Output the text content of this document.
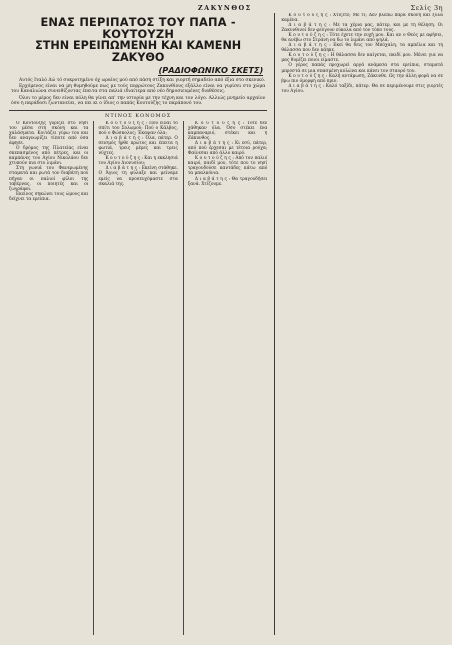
ΖΑΚΥΝΘΟΣ	Σελίς 3η
ΕΝΑΣ ΠΕΡΙΠΑΤΟΣ ΤΟΥ ΠΑΠΑ - ΚΟΥΤΟΥΖΗ
ΣΤΗΝ ΕΡΕΙΠΩΜΕΝΗ ΚΑΙ ΚΑΜΕΝΗ ΖΑΚΥΘΟ
(ΡΑΔΙΟΦΩΝΙΚΟ ΣΚΕΤΣ)

Αυτός Ιταλό Δώ τό συκροτημένο όχ ωραίος μού από πάση στίξη και γιορτή σημαδείο από έξια στο σκενικό.

Ερχόμενος είναι να μη θυμηθούμε πως με τούς πορρώτους Ζακυνθίους εξάλλο είναι να γυρίσει στο χώμα του Καναλιώνα συνειθίζοντας έπειτα στα παλιά ιδιαίτερα από νέο δημοσιευμένες διαθέσεις.

Όλοι το μέρος δεν είναι πόλη θα γίνει απ' την ιστορία με την τέχνη και τον λόγο. Αλλιώς μνημείο αρχαίον όσο η παράδοσι ζωντανεύει, να πει κι ο ίδιος ο παπάς Κουτούζης το παράπονό του.

ΝΤΙΝΟΣ ΚΟΝΟΜΟΣ

Ο Κουτούζης γυρίζει στο νησί του μέσα στη σκόνη και τα χαλάσματα. Κοιτάζει γύρω του και δεν αναγνωρίζει τίποτε από όσα άφησε.

Ο δρόμος της Πλατείας είναι σκεπασμένος από πέτρες, και οι καμπάνες του Αγίου Νικολάου δεν χτυπούν πια στο λιμάνι.

Στη γωνιά του Φανερωμένης σταματά και ρωτά τον διαβάτη πού πήγαν οι παλιοί φίλοι της ταβέρνας, οι ποιητές και οι ζωγράφοι.

Εκείνος σηκώνει τους ώμους και δείχνει τα ερείπια.

Κ ο υ τ ο ύ ζ η ς : Πού είναι το σπίτι του Σολωμού; Πού ο Κάλβος, πού ο Φώσκολος; Έκαψαν όλα;

Δ ι α β ά τ η ς : Όλα, πάτερ. Ο σεισμός ήρθε πρώτος και έπειτα η φωτιά, τρεις μέρες και τρεις νύχτες.

Κ ο υ τ ο ύ ζ η ς : Και η εκκλησιά του Αγίου Διονυσίου;

Δ ι α β ά τ η ς : Εκείνη στάθηκε. Ο Άγιος τη φύλαξε και μείναμε εμείς να προσευχόμαστε στα σκαλιά της.

Κ ο υ τ ο ύ ζ η ς : Τότε δεν χάθηκαν όλα. Όσο στέκει ένα καμπαναριό, στέκει και η Ζάκυνθος.

Δ ι α β ά τ η ς : Κι εσύ, πάτερ, από πού έρχεσαι με τέτοια ρούχα; Φαίνεσαι από άλλο καιρό.

Κ ο υ τ ο ύ ζ η ς : Από τον παλιό καιρό, παιδί μου, τότε που το νησί τραγουδούσε καντάδες κάτω από τα μπαλκόνια.

Δ ι α β ά τ η ς : Θα τραγουδήσει ξανά. Χτίζουμε.

Κ ο υ τ ο ύ ζ η ς : Χτίζετε; Με τι; Δεν βλέπω παρά σκόνη και ξύλα καμένα.

Δ ι α β ά τ η ς : Με τα χέρια μας, πάτερ, και με τη θέληση. Οι Ζακυνθινοί δεν φεύγουν εύκολα από τον τόπο τους.

Κ ο υ τ ο ύ ζ η ς : Τότε έχετε την ευχή μου. Και αν ο Θεός με αφήσει, θα ανέβω στο Στράνη να δω το λιμάνι από ψηλά.

Δ ι α β ά τ η ς : Εκεί θα δεις τον Μπόχαλη, τα αμπέλια και τη θάλασσα που δεν κάηκε.

Κ ο υ τ ο ύ ζ η ς : Η θάλασσα δεν καίγεται, παιδί μου. Μένει για να μας θυμίζει ποιοι είμαστε.

Ο γέρος παπάς προχωρεί αργά ανάμεσα στα ερείπια, σταματά μπροστά σε μια σπασμένη κολώνα και κάνει τον σταυρό του.

Κ ο υ τ ο ύ ζ η ς : Καλή αντάμωση, Ζάκυνθε. Ως την άλλη φορά να σε βρω πιο όμορφη από πριν.

Δ ι α β ά τ η ς : Καλό ταξίδι, πάτερ. Θα σε περιμένουμε στις γιορτές του Αγίου.
